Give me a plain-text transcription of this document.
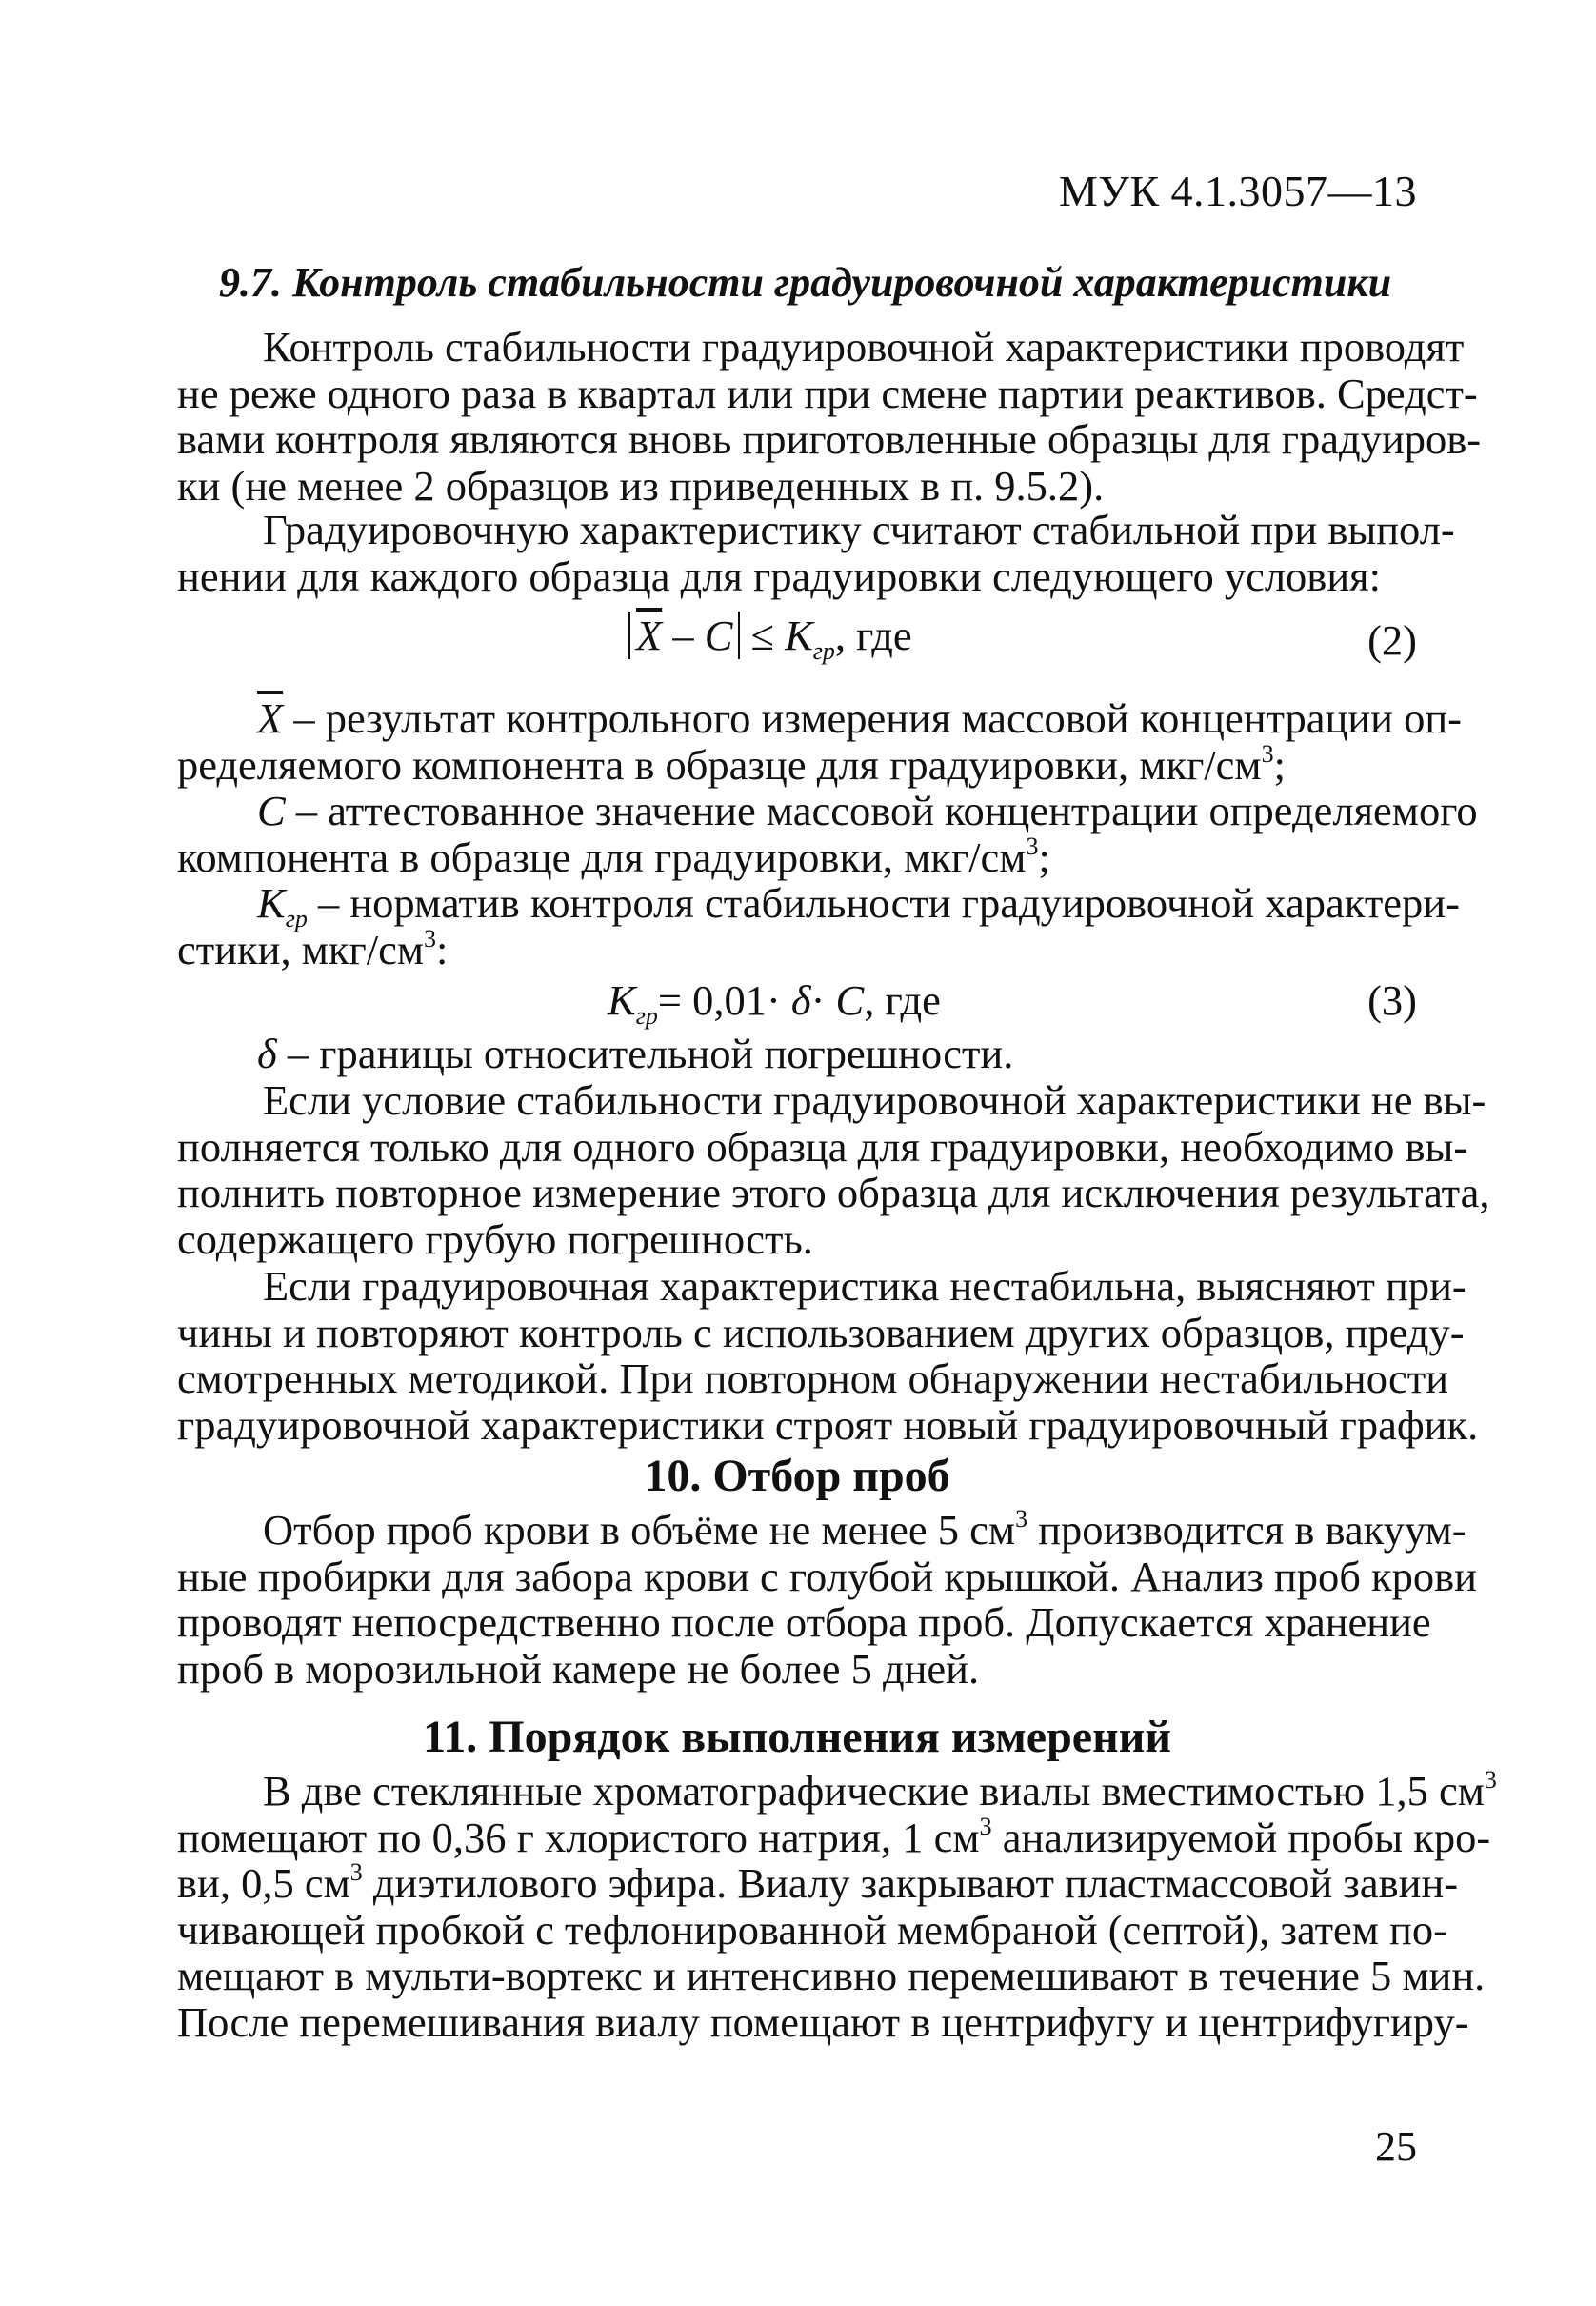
МУК 4.1.3057—13
9.7. Контроль стабильности градуировочной характеристики

Контроль стабильности градуировочной характеристики проводят
не реже одного раза в квартал или при смене партии реактивов. Средст-
вами контроля являются вновь приготовленные образцы для градуиров-
ки (не менее 2 образцов из приведенных в п. 9.5.2).

Градуировочную характеристику считают стабильной при выпол-
нении для каждого образца для градуировки следующего условия:

$\overline{X} - C \le K_{гр}$, где	(2)

$\overline{X}$ – результат контрольного измерения массовой концентрации оп-
ределяемого компонента в образце для градуировки, мкг/$см^3$;

C – аттестованное значение массовой концентрации определяемого
компонента в образце для градуировки, мкг/$см^3$;

$K_{гр}$ – норматив контроля стабильности градуировочной характери-
стики, мкг/$см^3$:

$K_{гр}= 0,01\cdot \delta\cdot C$, где	(3)

δ – границы относительной погрешности.

Если условие стабильности градуировочной характеристики не вы-
полняется только для одного образца для градуировки, необходимо вы-
полнить повторное измерение этого образца для исключения результата,
содержащего грубую погрешность.

Если градуировочная характеристика нестабильна, выясняют при-
чины и повторяют контроль с использованием других образцов, преду-
смотренных методикой. При повторном обнаружении нестабильности
градуировочной характеристики строят новый градуировочный график.

10. Отбор проб

Отбор проб крови в объёме не менее 5 $см^3$ производится в вакуум-
ные пробирки для забора крови с голубой крышкой. Анализ проб крови
проводят непосредственно после отбора проб. Допускается хранение
проб в морозильной камере не более 5 дней.

11. Порядок выполнения измерений

В две стеклянные хроматографические виалы вместимостью 1,5 $см^3$
помещают по 0,36 г хлористого натрия, 1 $см^3$ анализируемой пробы кро-
ви, 0,5 $см^3$ диэтилового эфира. Виалу закрывают пластмассовой завин-
чивающей пробкой с тефлонированной мембраной (септой), затем по-
мещают в мульти-вортекс и интенсивно перемешивают в течение 5 мин.
После перемешивания виалу помещают в центрифугу и центрифугиру-

25
